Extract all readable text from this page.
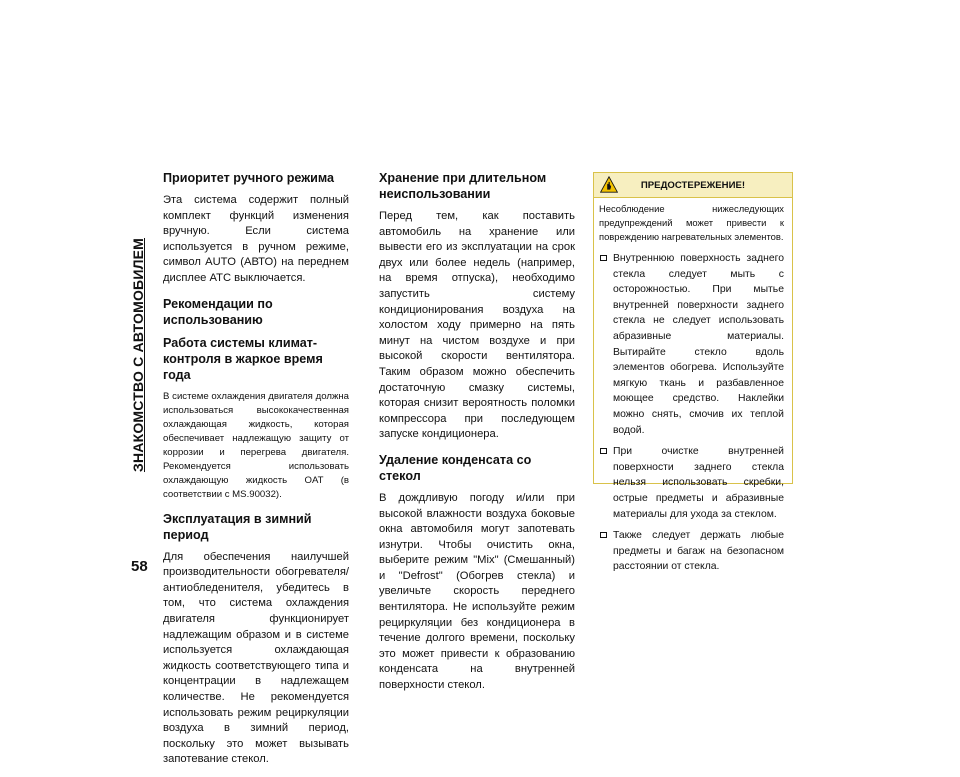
ЗНАКОМСТВО С АВТОМОБИЛЕМ
58
Приоритет ручного режима

Эта система содержит полный комплект функций изменения вручную. Если система используется в ручном режиме, символ AUTO (АВТО) на переднем дисплее ATC выключается.

Рекомендации по использованию
Работа системы климат-контроля в жаркое время года

В системе охлаждения двигателя должна использоваться высококачественная охлаждающая жидкость, которая обеспечивает надлежащую защиту от коррозии и перегрева двигателя. Рекомендуется использовать охлаждающую жидкость OAT (в соответствии с MS.90032).

Эксплуатация в зимний период

Для обеспечения наилучшей производительности обогревателя/антиобледенителя, убедитесь в том, что система охлаждения двигателя функционирует надлежащим образом и в системе используется охлаждающая жидкость соответствующего типа и концентрации в надлежащем количестве. Не рекомендуется использовать режим рециркуляции воздуха в зимний период, поскольку это может вызывать запотевание стекол.

Хранение при длительном неиспользовании

Перед тем, как поставить автомобиль на хранение или вывести его из эксплуатации на срок двух или более недель (например, на время отпуска), необходимо запустить систему кондиционирования воздуха на холостом ходу примерно на пять минут на чистом воздухе и при высокой скорости вентилятора. Таким образом можно обеспечить достаточную смазку системы, которая снизит вероятность поломки компрессора при последующем запуске кондиционера.

Удаление конденсата со стекол

В дождливую погоду и/или при высокой влажности воздуха боковые окна автомобиля могут запотевать изнутри. Чтобы очистить окна, выберите режим "Mix" (Смешанный) и "Defrost" (Обогрев стекла) и увеличьте скорость переднего вентилятора. Не используйте режим рециркуляции без кондиционера в течение долгого времени, поскольку это может привести к образованию конденсата на внутренней поверхности стекол.

ПРЕДОСТЕРЕЖЕНИЕ!
Несоблюдение нижеследующих предупреждений может привести к повреждению нагревательных элементов.
Внутреннюю поверхность заднего стекла следует мыть с осторожностью. При мытье внутренней поверхности заднего стекла не следует использовать абразивные материалы. Вытирайте стекло вдоль элементов обогрева. Используйте мягкую ткань и разбавленное моющее средство. Наклейки можно снять, смочив их теплой водой.
При очистке внутренней поверхности заднего стекла нельзя использовать скребки, острые предметы и абразивные материалы для ухода за стеклом.
Также следует держать любые предметы и багаж на безопасном расстоянии от стекла.
